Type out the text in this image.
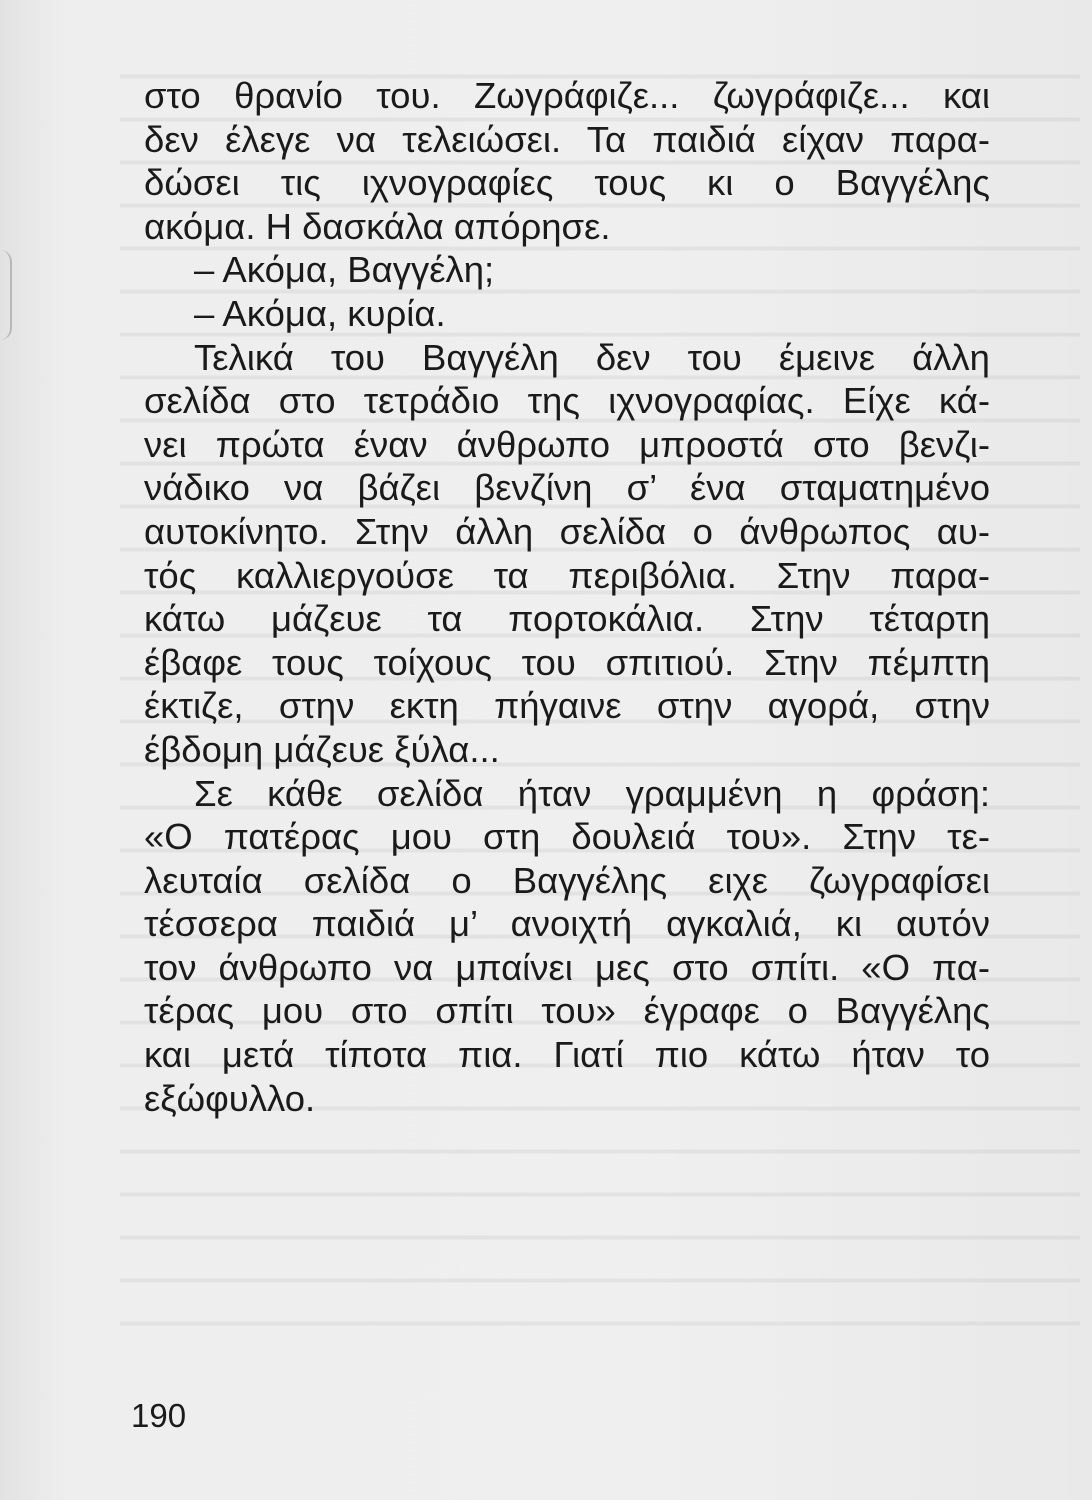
στο θρανίο του. Ζωγράφιζε... ζωγράφιζε... και
δεν έλεγε να τελειώσει. Τα παιδιά είχαν παρα-
δώσει τις ιχνογραφίες τους κι ο Βαγγέλης
ακόμα. Η δασκάλα απόρησε.
– Ακόμα, Βαγγέλη;
– Ακόμα, κυρία.
Τελικά του Βαγγέλη δεν του έμεινε άλλη
σελίδα στο τετράδιο της ιχνογραφίας. Είχε κά-
νει πρώτα έναν άνθρωπο μπροστά στο βενζι-
νάδικο να βάζει βενζίνη σ’ ένα σταματημένο
αυτοκίνητο. Στην άλλη σελίδα ο άνθρωπος αυ-
τός καλλιεργούσε τα περιβόλια. Στην παρα-
κάτω μάζευε τα πορτοκάλια. Στην τέταρτη
έβαφε τους τοίχους του σπιτιού. Στην πέμπτη
έκτιζε, στην εκτη πήγαινε στην αγορά, στην
έβδομη μάζευε ξύλα...
Σε κάθε σελίδα ήταν γραμμένη η φράση:
«Ο πατέρας μου στη δουλειά του». Στην τε-
λευταία σελίδα ο Βαγγέλης ειχε ζωγραφίσει
τέσσερα παιδιά μ’ ανοιχτή αγκαλιά, κι αυτόν
τον άνθρωπο να μπαίνει μες στο σπίτι. «Ο πα-
τέρας μου στο σπίτι του» έγραφε ο Βαγγέλης
και μετά τίποτα πια. Γιατί πιο κάτω ήταν το
εξώφυλλο.
190
